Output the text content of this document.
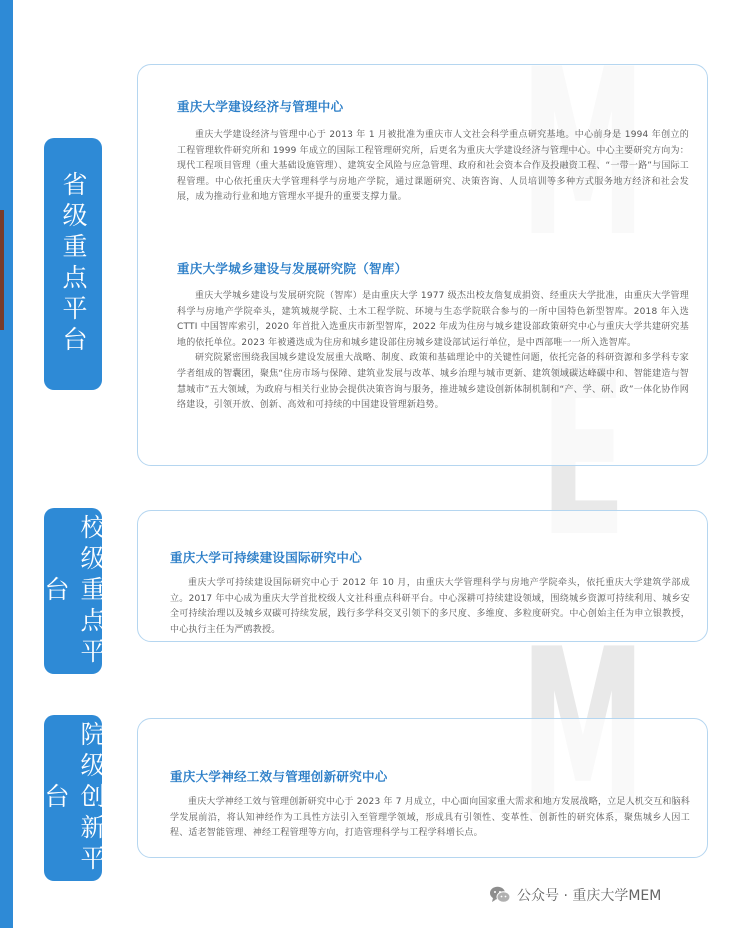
省级重点平台
校级重点平台
院级创新平台
重庆大学建设经济与管理中心

重庆大学建设经济与管理中心于 2013 年 1 月被批准为重庆市人文社会科学重点研究基地。中心前身是 1994 年创立的工程管理软件研究所和 1999 年成立的国际工程管理研究所，后更名为重庆大学建设经济与管理中心。中心主要研究方向为：现代工程项目管理（重大基础设施管理）、建筑安全风险与应急管理、政府和社会资本合作及投融资工程、“一带一路”与国际工程管理。中心依托重庆大学管理科学与房地产学院，通过课题研究、决策咨询、人员培训等多种方式服务地方经济和社会发展，成为推动行业和地方管理水平提升的重要支撑力量。

重庆大学城乡建设与发展研究院（智库）

重庆大学城乡建设与发展研究院（智库）是由重庆大学 1977 级杰出校友詹复成捐资、经重庆大学批准，由重庆大学管理科学与房地产学院牵头，建筑城规学院、土木工程学院、环境与生态学院联合参与的一所中国特色新型智库。2018 年入选 CTTI 中国智库索引，2020 年首批入选重庆市新型智库，2022 年成为住房与城乡建设部政策研究中心与重庆大学共建研究基地的依托单位。2023 年被遴选成为住房和城乡建设部住房城乡建设部试运行单位，是中西部唯一一所入选智库。

研究院紧密围绕我国城乡建设发展重大战略、制度、政策和基础理论中的关键性问题，依托完备的科研资源和多学科专家学者组成的智囊团，聚焦“住房市场与保障、建筑业发展与改革、城乡治理与城市更新、建筑领域碳达峰碳中和、智能建造与智慧城市”五大领域，为政府与相关行业协会提供决策咨询与服务，推进城乡建设创新体制机制和“产、学、研、政”一体化协作网络建设，引领开放、创新、高效和可持续的中国建设管理新趋势。

重庆大学可持续建设国际研究中心

重庆大学可持续建设国际研究中心于 2012 年 10 月，由重庆大学管理科学与房地产学院牵头，依托重庆大学建筑学部成立。2017 年中心成为重庆大学首批校级人文社科重点科研平台。中心深耕可持续建设领域，围绕城乡资源可持续利用、城乡安全可持续治理以及城乡双碳可持续发展，践行多学科交叉引领下的多尺度、多维度、多粒度研究。中心创始主任为申立银教授，中心执行主任为严鸥教授。

重庆大学神经工效与管理创新研究中心

重庆大学神经工效与管理创新研究中心于 2023 年 7 月成立，中心面向国家重大需求和地方发展战略，立足人机交互和脑科学发展前沿，将认知神经作为工具性方法引入至管理学领域，形成具有引领性、变革性、创新性的研究体系，聚焦城乡人因工程、适老智能管理、神经工程管理等方向，打造管理科学与工程学科增长点。

公众号 · 重庆大学MEM
